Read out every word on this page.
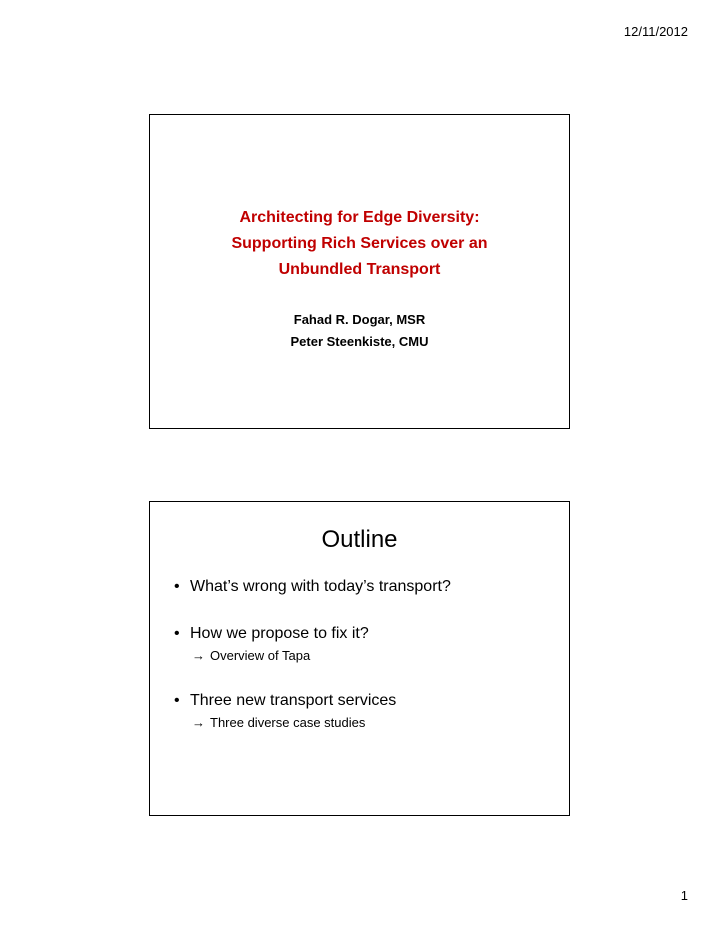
12/11/2012
Architecting for Edge Diversity:
Supporting Rich Services over an
Unbundled Transport
Fahad R. Dogar, MSR
Peter Steenkiste, CMU
Outline
• What’s wrong with today’s transport?
• How we propose to fix it?
→ Overview of Tapa
• Three new transport services
→ Three diverse case studies
1
